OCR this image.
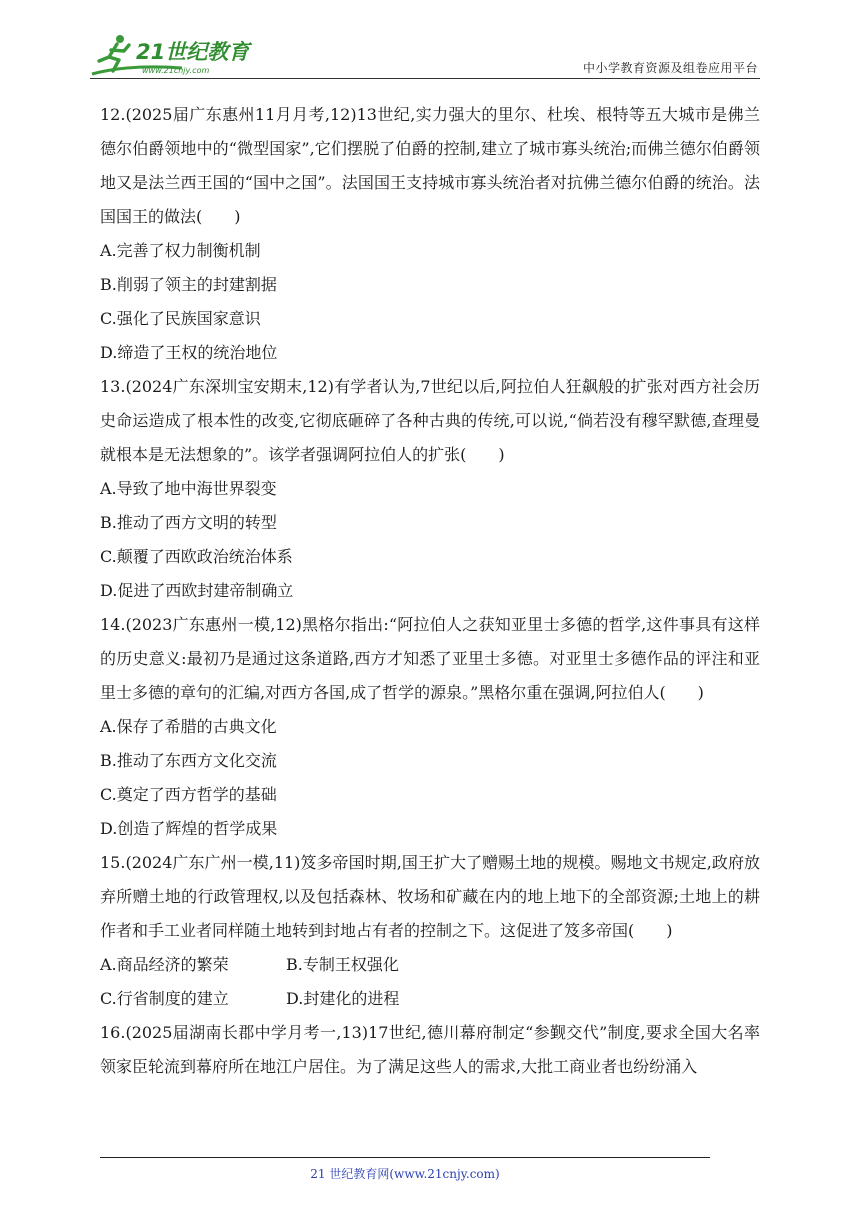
21世纪教育
www.21cnjy.com	中小学教育资源及组卷应用平台

12.(2025届广东惠州11月月考,12)13世纪,实力强大的里尔、杜埃、根特等五大城市是佛兰德尔伯爵领地中的“微型国家”,它们摆脱了伯爵的控制,建立了城市寡头统治;而佛兰德尔伯爵领地又是法兰西王国的“国中之国”。法国国王支持城市寡头统治者对抗佛兰德尔伯爵的统治。法国国王的做法(　　)

A.完善了权力制衡机制

B.削弱了领主的封建割据

C.强化了民族国家意识

D.缔造了王权的统治地位

13.(2024广东深圳宝安期末,12)有学者认为,7世纪以后,阿拉伯人狂飙般的扩张对西方社会历史命运造成了根本性的改变,它彻底砸碎了各种古典的传统,可以说,“倘若没有穆罕默德,查理曼就根本是无法想象的”。该学者强调阿拉伯人的扩张(　　)

A.导致了地中海世界裂变

B.推动了西方文明的转型

C.颠覆了西欧政治统治体系

D.促进了西欧封建帝制确立

14.(2023广东惠州一模,12)黑格尔指出:“阿拉伯人之获知亚里士多德的哲学,这件事具有这样的历史意义:最初乃是通过这条道路,西方才知悉了亚里士多德。对亚里士多德作品的评注和亚里士多德的章句的汇编,对西方各国,成了哲学的源泉。”黑格尔重在强调,阿拉伯人(　　)

A.保存了希腊的古典文化

B.推动了东西方文化交流

C.奠定了西方哲学的基础

D.创造了辉煌的哲学成果

15.(2024广东广州一模,11)笈多帝国时期,国王扩大了赠赐土地的规模。赐地文书规定,政府放弃所赠土地的行政管理权,以及包括森林、牧场和矿藏在内的地上地下的全部资源;土地上的耕作者和手工业者同样随土地转到封地占有者的控制之下。这促进了笈多帝国(　　)

A.商品经济的繁荣	B.专制王权强化

C.行省制度的建立	D.封建化的进程

16.(2025届湖南长郡中学月考一,13)17世纪,德川幕府制定“参觐交代”制度,要求全国大名率领家臣轮流到幕府所在地江户居住。为了满足这些人的需求,大批工商业者也纷纷涌入

21 世纪教育网(www.21cnjy.com)
